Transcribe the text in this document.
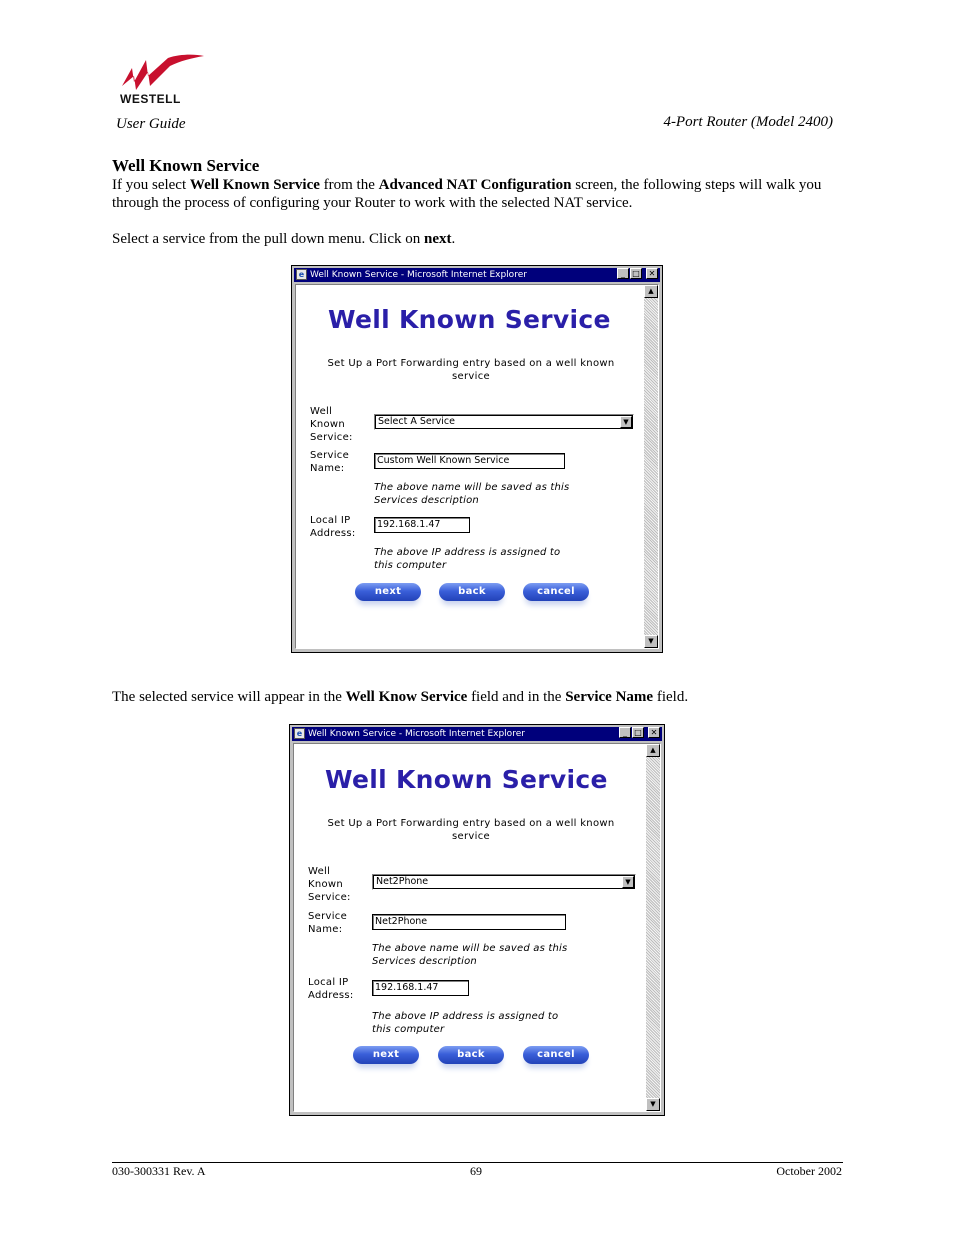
WESTELL
User Guide	4-Port Router (Model 2400)
Well Known Service
If you select Well Known Service from the Advanced NAT Configuration screen, the following steps will walk you through the process of configuring your Router to work with the selected NAT service.
Select a service from the pull down menu. Click on next.
e Well Known Service - Microsoft Internet Explorer	_ □	✕
▲
▼
Well Known Service
Set Up a Port Forwarding entry based on a well known
service
Well
Known
Service:
Select A Service	▼
Service
Name:
Custom Well Known Service
The above name will be saved as this
Services description
Local IP
Address:
192.168.1.47
The above IP address is assigned to
this computer
next	back	cancel
The selected service will appear in the Well Know Service field and in the Service Name field.
e Well Known Service - Microsoft Internet Explorer	_ □	✕
▲
▼
Well Known Service
Set Up a Port Forwarding entry based on a well known
service
Well
Known
Service:
Net2Phone	▼
Service
Name:
Net2Phone
The above name will be saved as this
Services description
Local IP
Address:
192.168.1.47
The above IP address is assigned to
this computer
next	back	cancel
030-300331 Rev. A	69	October 2002
